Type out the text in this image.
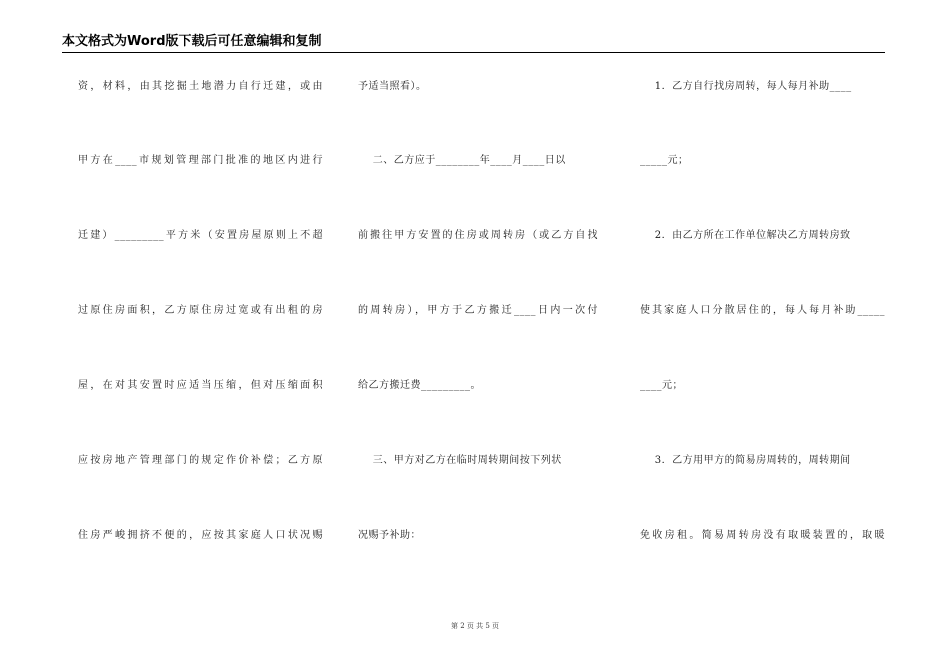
本文格式为Word版下载后可任意编辑和复制
资，材料，由其挖掘土地潜力自行迁建，或由
甲方在____市规划管理部门批准的地区内进行
迁建）_________平方米（安置房屋原则上不超
过原住房面积，乙方原住房过宽或有出租的房
屋，在对其安置时应适当压缩，但对压缩面积
应按房地产管理部门的规定作价补偿；乙方原
住房严峻拥挤不便的，应按其家庭人口状况赐
予适当照看）。
二、乙方应于________年____月____日以
前搬往甲方安置的住房或周转房（或乙方自找
的周转房），甲方于乙方搬迁____日内一次付
给乙方搬迁费_________。
三、甲方对乙方在临时周转期间按下列状
况赐予补助：
1．乙方自行找房周转，每人每月补助____
_____元；
2．由乙方所在工作单位解决乙方周转房致
使其家庭人口分散居住的，每人每月补助_____
____元；
3．乙方用甲方的简易房周转的，周转期间
免收房租。简易周转房没有取暖装置的，取暖
第 2 页 共 5 页
